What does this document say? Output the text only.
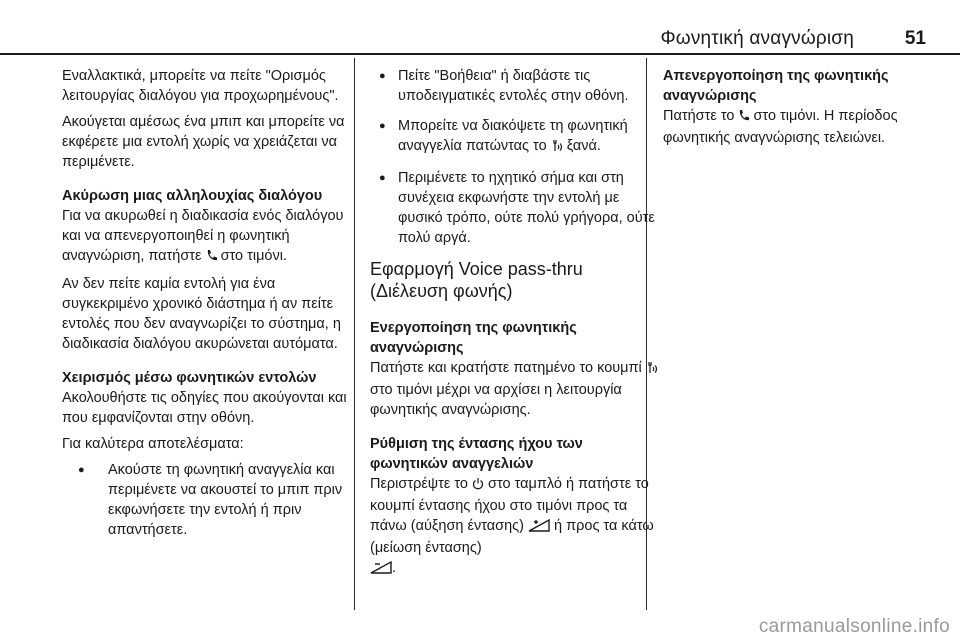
Φωνητική αναγνώριση	51

Εναλλακτικά, μπορείτε να πείτε "Ορισμός λειτουργίας διαλόγου για προχωρημένους".

Ακούγεται αμέσως ένα μπιπ και μπορείτε να εκφέρετε μια εντολή χωρίς να χρειάζεται να περιμένετε.

Ακύρωση μιας αλληλουχίας διαλόγου

Για να ακυρωθεί η διαδικασία ενός διαλόγου και να απενεργοποιηθεί η φωνητική αναγνώριση, πατήστε στο τιμόνι.

Αν δεν πείτε καμία εντολή για ένα συγκεκριμένο χρονικό διάστημα ή αν πείτε εντολές που δεν αναγνωρίζει το σύστημα, η διαδικασία διαλόγου ακυρώνεται αυτόματα.

Χειρισμός μέσω φωνητικών εντολών

Ακολουθήστε τις οδηγίες που ακούγονται και που εμφανίζονται στην οθόνη.

Για καλύτερα αποτελέσματα:

● Ακούστε τη φωνητική αναγγελία και περιμένετε να ακουστεί το μπιπ πριν εκφωνήσετε την εντολή ή πριν απαντήσετε.
● Πείτε "Βοήθεια" ή διαβάστε τις υποδειγματικές εντολές στην οθόνη.
● Μπορείτε να διακόψετε τη φωνητική αναγγελία πατώντας το ξανά.
● Περιμένετε το ηχητικό σήμα και στη συνέχεια εκφωνήστε την εντολή με φυσικό τρόπο, ούτε πολύ γρήγορα, ούτε πολύ αργά.

Εφαρμογή Voice pass-thru (Διέλευση φωνής)

Ενεργοποίηση της φωνητικής αναγνώρισης

Πατήστε και κρατήστε πατημένο το κουμπί  στο τιμόνι μέχρι να αρχίσει η λειτουργία φωνητικής αναγνώρισης.

Ρύθμιση της έντασης ήχου των φωνητικών αναγγελιών

Περιστρέψτε το στο ταμπλό ή πατήστε το κουμπί έντασης ήχου στο τιμόνι προς τα πάνω (αύξηση έντασης) ή προς τα κάτω (μείωση έντασης)
.

Απενεργοποίηση της φωνητικής αναγνώρισης

Πατήστε το στο τιμόνι. Η περίοδος φωνητικής αναγνώρισης τελειώνει.

carmanualsonline.info
